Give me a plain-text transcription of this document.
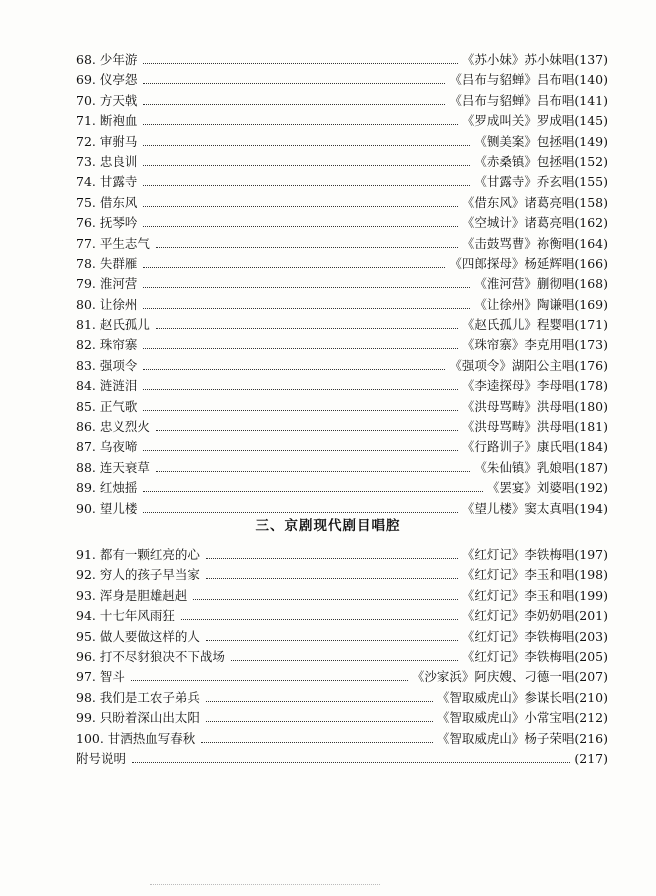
68. 少年游	《苏小妹》苏小妹唱(137)
69. 仪亭怨	《吕布与貂蝉》吕布唱(140)
70. 方天戟	《吕布与貂蝉》吕布唱(141)
71. 断袍血	《罗成叫关》罗成唱(145)
72. 审驸马	《铡美案》包拯唱(149)
73. 忠良训	《赤桑镇》包拯唱(152)
74. 甘露寺	《甘露寺》乔玄唱(155)
75. 借东风	《借东风》诸葛亮唱(158)
76. 抚琴吟	《空城计》诸葛亮唱(162)
77. 平生志气	《击鼓骂曹》祢衡唱(164)
78. 失群雁	《四郎探母》杨延辉唱(166)
79. 淮河营	《淮河营》蒯彻唱(168)
80. 让徐州	《让徐州》陶谦唱(169)
81. 赵氏孤儿	《赵氏孤儿》程婴唱(171)
82. 珠帘寨	《珠帘寨》李克用唱(173)
83. 强项令	《强项令》湖阳公主唱(176)
84. 涟涟泪	《李逵探母》李母唱(178)
85. 正气歌	《洪母骂畴》洪母唱(180)
86. 忠义烈火	《洪母骂畴》洪母唱(181)
87. 乌夜啼	《行路训子》康氏唱(184)
88. 连天衰草	《朱仙镇》乳娘唱(187)
89. 红烛摇	《罢宴》刘婆唱(192)
90. 望儿楼	《望儿楼》窦太真唱(194)
三、京剧现代剧目唱腔
91. 都有一颗红亮的心	《红灯记》李铁梅唱(197)
92. 穷人的孩子早当家	《红灯记》李玉和唱(198)
93. 浑身是胆雄赳赳	《红灯记》李玉和唱(199)
94. 十七年风雨狂	《红灯记》李奶奶唱(201)
95. 做人要做这样的人	《红灯记》李铁梅唱(203)
96. 打不尽豺狼决不下战场	《红灯记》李铁梅唱(205)
97. 智斗	《沙家浜》阿庆嫂、刁德一唱(207)
98. 我们是工农子弟兵	《智取威虎山》参谋长唱(210)
99. 只盼着深山出太阳	《智取威虎山》小常宝唱(212)
100. 甘洒热血写春秋	《智取威虎山》杨子荣唱(216)
附号说明	(217)
